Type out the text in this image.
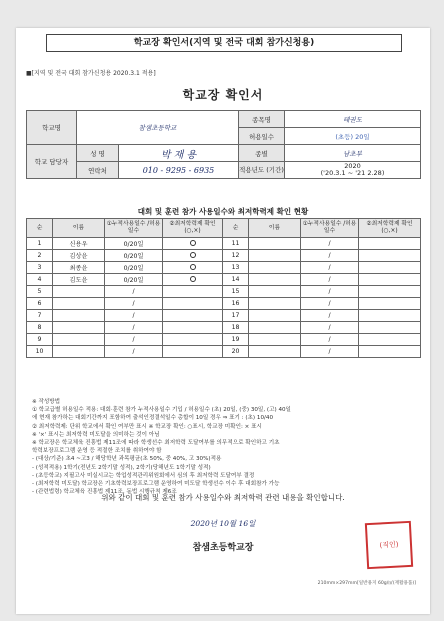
학교장 확인서(지역 및 전국 대회 참가신청용)
■[지역 및 전국 대회 참가신청용 2020.3.1 적용]
학교장 확인서
학교명	참샘초등학교		종목명	태권도
			허용일수	(초등) 20일
학교 담당자	성 명	박 재 용	종별	남초부
	연락처	010 - 9295 - 6935	적용년도 (기간)	2020
('20.3.1 ~ '21 2.28)
대회 및 훈련 참가 사용일수와 최저학력제 확인 현황
순	이름	①누적사용일수 /허용일수	②최저학력제 확인(○,×)	순	이름	①누적사용일수 /허용일수	②최저학력제 확인(○,×)
1	신용우	0/20일		11		/	
2	김상윤	0/20일		12		/	
3	최종윤	0/20일		13		/	
4	김도윤	0/20일		14		/	
5		/		15		/	
6		/		16		/	
7		/		17		/	
8		/		18		/	
9		/		19		/	
10		/		20		/	
※ 작성방법
① 학교급별 허용일수 적용: 대회·훈련 참가 누적사용일수 기입 / 허용일수 (초) 20일, (중) 30일, (고) 40일
에 현재 참가하는 대회기간까지 포함하여 출석인정결석일수 총합이 10일 경우 ⇒ 표기 : (초) 10/40
② 최저학력제: 단위 학교에서 확인 여부만 표시 ※ 학교장 확인: ○표시, 학교장 미확인: × 표시
※ '×' 표시는 최저학력 미도달을 의미하는 것이 아님
※ 학교장은 학교체육 진흥법 제11조에 따라 학생선수 최저학력 도달여부를 의무적으로 확인하고 기초
학력보장프로그램 운영 등 적절한 조치를 취하여야 함
- (대상/기준) 초4 ~고3 / 해당학년 과목평균(초 50%, 중 40%, 고 30%)적용
- (성적적용) 1학기(전년도 2학기말 성적), 2학기(당해년도 1학기말 성적)
- (초등학교) 지필고사 미실시교는 학업성적관리위원회에서 심의 후 최저학력 도달여부 결정
- (최저학력 미도달) 학교장은 기초학력보장프로그램 운영하여 미도달 학생선수 이수 후 대회참가 가능
- (관련법령) 학교체육 진흥법 제11조, 동법 시행규칙 제6조
위와 같이 대회 및 훈련 참가 사용일수와 최저학력 관련 내용을 확인합니다.
2020년 10월 16일
참샘초등학교장	(직인)
210mm×297mm[일반용지 60g/㎡(재활용품)]
